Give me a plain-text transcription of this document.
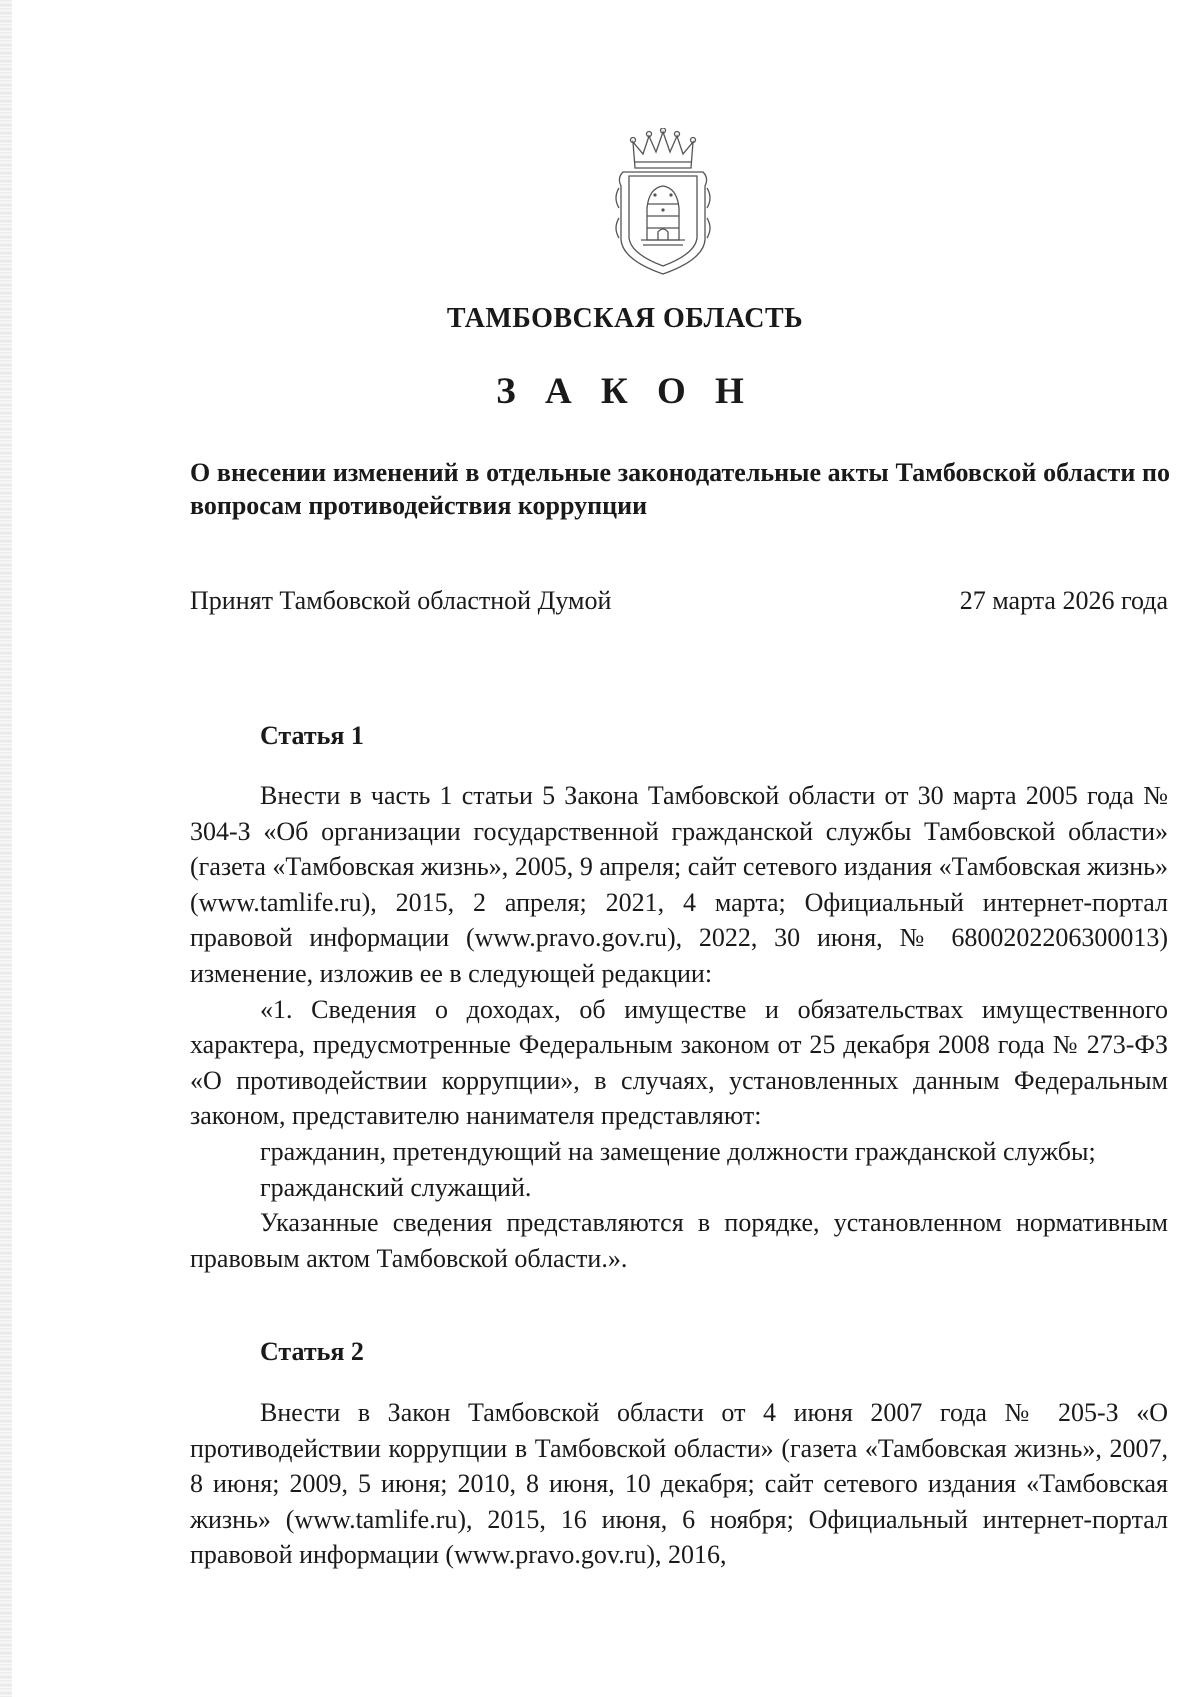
ТАМБОВСКАЯ ОБЛАСТЬ
З А К О Н
О внесении изменений в отдельные законодательные акты Тамбовской области по вопросам противодействия коррупции
Принят Тамбовской областной Думой	27 марта 2026 года
Статья 1

Внести в часть 1 статьи 5 Закона Тамбовской области от 30 марта 2005 года № 304-З «Об организации государственной гражданской службы Тамбовской области» (газета «Тамбовская жизнь», 2005, 9 апреля; сайт сетевого издания «Тамбовская жизнь» (www.tamlife.ru), 2015, 2 апреля; 2021, 4 марта; Официальный интернет-портал правовой информации (www.pravo.gov.ru), 2022, 30 июня, № 6800202206300013) изменение, изложив ее в следующей редакции:

«1. Сведения о доходах, об имуществе и обязательствах имущественного характера, предусмотренные Федеральным законом от 25 декабря 2008 года № 273-ФЗ «О противодействии коррупции», в случаях, установленных данным Федеральным законом, представителю нанимателя представляют:

гражданин, претендующий на замещение должности гражданской службы;

гражданский служащий.

Указанные сведения представляются в порядке, установленном нормативным правовым актом Тамбовской области.».

Статья 2

Внести в Закон Тамбовской области от 4 июня 2007 года № 205-З «О противодействии коррупции в Тамбовской области» (газета «Тамбовская жизнь», 2007, 8 июня; 2009, 5 июня; 2010, 8 июня, 10 декабря; сайт сетевого издания «Тамбовская жизнь» (www.tamlife.ru), 2015, 16 июня, 6 ноября; Официальный интернет-портал правовой информации (www.pravo.gov.ru), 2016,
